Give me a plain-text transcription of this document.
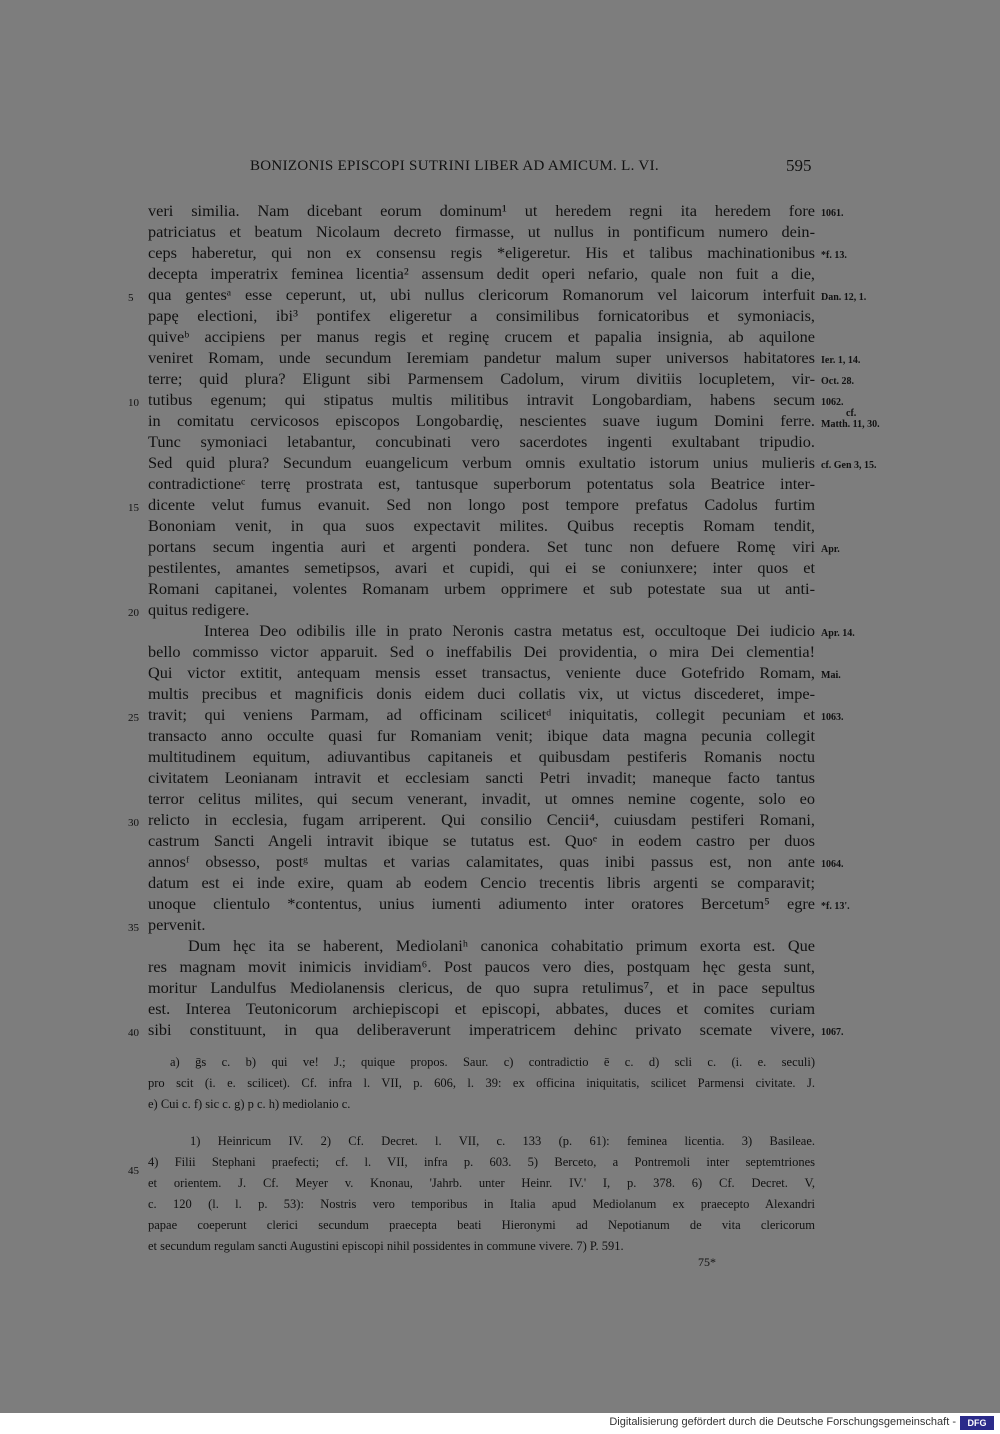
BONIZONIS EPISCOPI SUTRINI LIBER AD AMICUM. L. VI.	595
veri similia. Nam dicebant eorum dominum¹ ut heredem regni ita heredem fore
patriciatus et beatum Nicolaum decreto firmasse, ut nullus in pontificum numero dein-
ceps haberetur, qui non ex consensu regis *eligeretur. His et talibus machinationibus
decepta imperatrix feminea licentia² assensum dedit operi nefario, quale non fuit a die,
qua gentesᵃ esse ceperunt, ut, ubi nullus clericorum Romanorum vel laicorum interfuit
papę electioni, ibi³ pontifex eligeretur a consimilibus fornicatoribus et symoniacis,
quiveᵇ accipiens per manus regis et reginę crucem et papalia insignia, ab aquilone
veniret Romam, unde secundum Ieremiam pandetur malum super universos habitatores
terre; quid plura? Eligunt sibi Parmensem Cadolum, virum divitiis locupletem, vir-
tutibus egenum; qui stipatus multis militibus intravit Longobardiam, habens secum
in comitatu cervicosos episcopos Longobardię, nescientes suave iugum Domini ferre.
Tunc symoniaci letabantur, concubinati vero sacerdotes ingenti exultabant tripudio.
Sed quid plura? Secundum euangelicum verbum omnis exultatio istorum unius mulieris
contradictioneᶜ terrę prostrata est, tantusque superborum potentatus sola Beatrice inter-
dicente velut fumus evanuit. Sed non longo post tempore prefatus Cadolus furtim
Bononiam venit, in qua suos expectavit milites. Quibus receptis Romam tendit,
portans secum ingentia auri et argenti pondera. Set tunc non defuere Romę viri
pestilentes, amantes semetipsos, avari et cupidi, qui ei se coniunxere; inter quos et
Romani capitanei, volentes Romanam urbem opprimere et sub potestate sua ut anti-
quitus redigere.
Interea Deo odibilis ille in prato Neronis castra metatus est, occultoque Dei iudicio
bello commisso victor apparuit. Sed o ineffabilis Dei providentia, o mira Dei clementia!
Qui victor extitit, antequam mensis esset transactus, veniente duce Gotefrido Romam,
multis precibus et magnificis donis eidem duci collatis vix, ut victus discederet, impe-
travit; qui veniens Parmam, ad officinam scilicetᵈ iniquitatis, collegit pecuniam et
transacto anno occulte quasi fur Romaniam venit; ibique data magna pecunia collegit
multitudinem equitum, adiuvantibus capitaneis et quibusdam pestiferis Romanis noctu
civitatem Leonianam intravit et ecclesiam sancti Petri invadit; maneque facto tantus
terror celitus milites, qui secum venerant, invadit, ut omnes nemine cogente, solo eo
relicto in ecclesia, fugam arriperent. Qui consilio Cencii⁴, cuiusdam pestiferi Romani,
castrum Sancti Angeli intravit ibique se tutatus est. Quoᵉ in eodem castro per duos
annosᶠ obsesso, postᵍ multas et varias calamitates, quas inibi passus est, non ante
datum est ei inde exire, quam ab eodem Cencio trecentis libris argenti se comparavit;
unoque clientulo *contentus, unius iumenti adiumento inter oratores Bercetum⁵ egre
pervenit.
Dum hęc ita se haberent, Mediolaniʰ canonica cohabitatio primum exorta est. Que
res magnam movit inimicis invidiam⁶. Post paucos vero dies, postquam hęc gesta sunt,
moritur Landulfus Mediolanensis clericus, de quo supra retulimus⁷, et in pace sepultus
est. Interea Teutonicorum archiepiscopi et episcopi, abbates, duces et comites curiam
sibi constituunt, in qua deliberaverunt imperatricem dehinc privato scemate vivere,
5
10
15
20
25
30
35
40
45
1061.
*f. 13.
Dan. 12, 1.
Ier. 1, 14.
Oct. 28.
1062.
cf.
Matth. 11, 30.
cf. Gen 3, 15.
Apr.
Apr. 14.
Mai.
1063.
1064.
*f. 13'.
1067.
a) ḡs c. b) qui ve! J.; quique propos. Saur. c) contradictio ē c. d) scli c. (i. e. seculi)
pro scit (i. e. scilicet). Cf. infra l. VII, p. 606, l. 39: ex officina iniquitatis, scilicet Parmensi civitate. J.
e) Cui c. f) sic c. g) p c. h) mediolanio c.
1) Heinricum IV. 2) Cf. Decret. l. VII, c. 133 (p. 61): feminea licentia. 3) Basileae.
4) Filii Stephani praefecti; cf. l. VII, infra p. 603. 5) Berceto, a Pontremoli inter septemtriones
et orientem. J. Cf. Meyer v. Knonau, 'Jahrb. unter Heinr. IV.' I, p. 378. 6) Cf. Decret. V,
c. 120 (l. l. p. 53): Nostris vero temporibus in Italia apud Mediolanum ex praecepto Alexandri
papae coeperunt clerici secundum praecepta beati Hieronymi ad Nepotianum de vita clericorum
et secundum regulam sancti Augustini episcopi nihil possidentes in commune vivere. 7) P. 591.
75*
Digitalisierung gefördert durch die Deutsche Forschungsgemeinschaft -	DFG
